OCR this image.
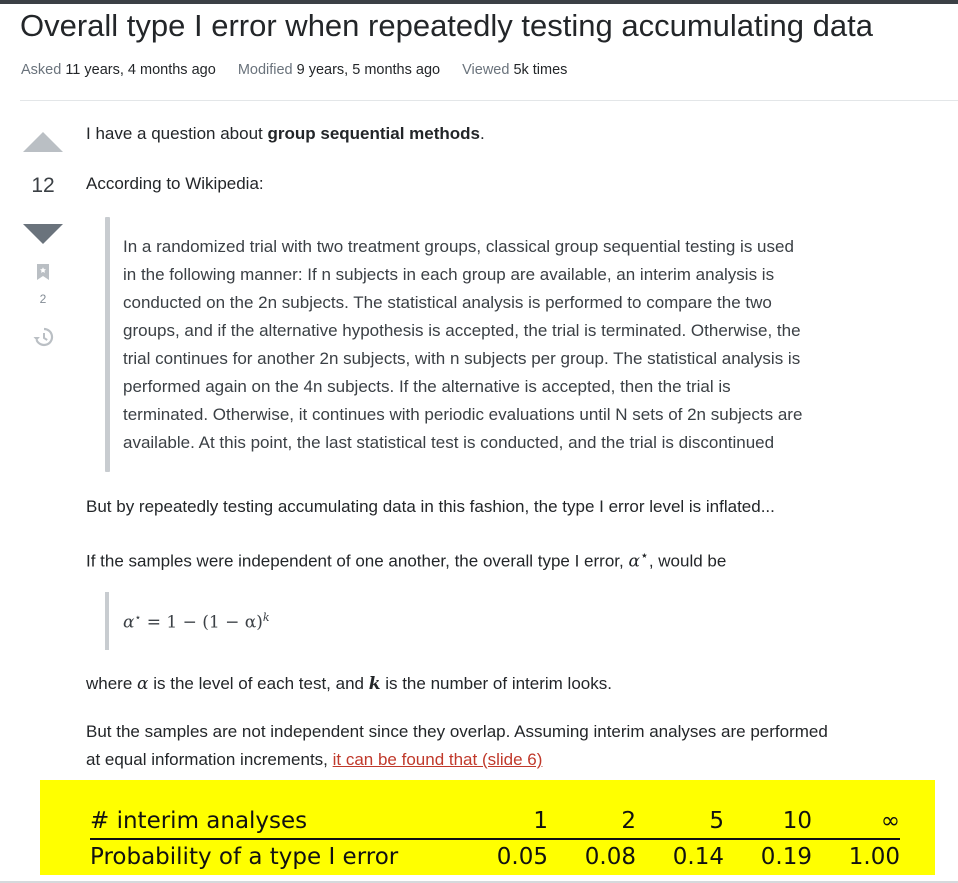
Overall type I error when repeatedly testing accumulating data
Asked 11 years, 4 months ago Modified 9 years, 5 months ago Viewed 5k times
12
2

I have a question about group sequential methods.

According to Wikipedia:

In a randomized trial with two treatment groups, classical group sequential testing is used
in the following manner: If n subjects in each group are available, an interim analysis is
conducted on the 2n subjects. The statistical analysis is performed to compare the two
groups, and if the alternative hypothesis is accepted, the trial is terminated. Otherwise, the
trial continues for another 2n subjects, with n subjects per group. The statistical analysis is
performed again on the 4n subjects. If the alternative is accepted, then the trial is
terminated. Otherwise, it continues with periodic evaluations until N sets of 2n subjects are
available. At this point, the last statistical test is conducted, and the trial is discontinued

But by repeatedly testing accumulating data in this fashion, the type I error level is inflated...

If the samples were independent of one another, the overall type I error, α⋆, would be

$\alpha^⋆ = 1 - (1 - \alpha)^k$

where α is the level of each test, and k is the number of interim looks.

But the samples are not independent since they overlap. Assuming interim analyses are performed

at equal information increments, it can be found that (slide 6)

# interim analyses	1	2	5	10	∞
Probability of a type I error	0.05	0.08	0.14	0.19	1.00
